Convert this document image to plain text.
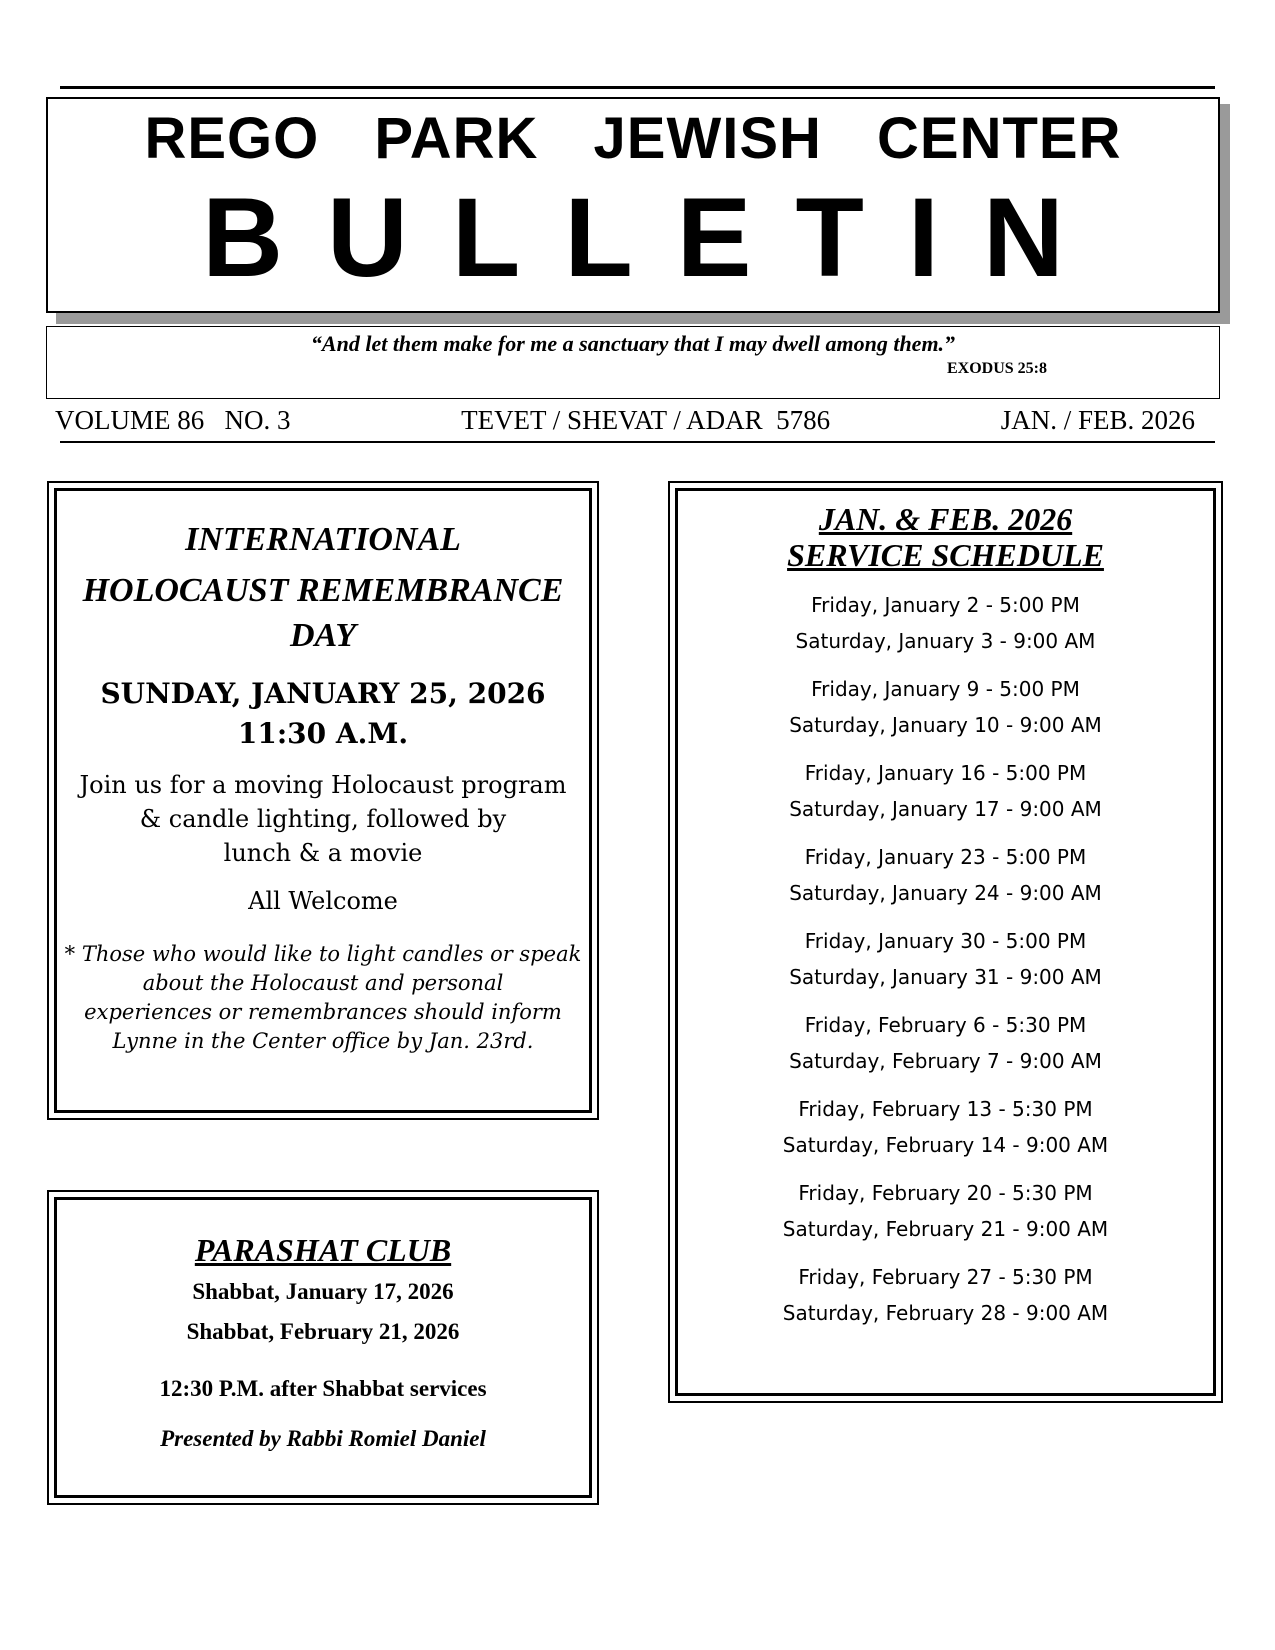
REGO PARK JEWISH CENTER
BULLETIN
“And let them make for me a sanctuary that I may dwell among them.”
EXODUS 25:8
VOLUME 86   NO. 3	TEVET / SHEVAT / ADAR  5786	JAN. / FEB. 2026
INTERNATIONAL
HOLOCAUST REMEMBRANCE
DAY
SUNDAY, JANUARY 25, 2026
11:30 A.M.
Join us for a moving Holocaust program
& candle lighting, followed by
lunch & a movie
All Welcome
* Those who would like to light candles or speak
about the Holocaust and personal
experiences or remembrances should inform
Lynne in the Center office by Jan. 23rd.
PARASHAT CLUB
Shabbat, January 17, 2026
Shabbat, February 21, 2026
12:30 P.M. after Shabbat services
Presented by Rabbi Romiel Daniel
JAN. & FEB. 2026
SERVICE SCHEDULE
Friday, January 2 - 5:00 PM
Saturday, January 3 - 9:00 AM
Friday, January 9 - 5:00 PM
Saturday, January 10 - 9:00 AM
Friday, January 16 - 5:00 PM
Saturday, January 17 - 9:00 AM
Friday, January 23 - 5:00 PM
Saturday, January 24 - 9:00 AM
Friday, January 30 - 5:00 PM
Saturday, January 31 - 9:00 AM
Friday, February 6 - 5:30 PM
Saturday, February 7 - 9:00 AM
Friday, February 13 - 5:30 PM
Saturday, February 14 - 9:00 AM
Friday, February 20 - 5:30 PM
Saturday, February 21 - 9:00 AM
Friday, February 27 - 5:30 PM
Saturday, February 28 - 9:00 AM
